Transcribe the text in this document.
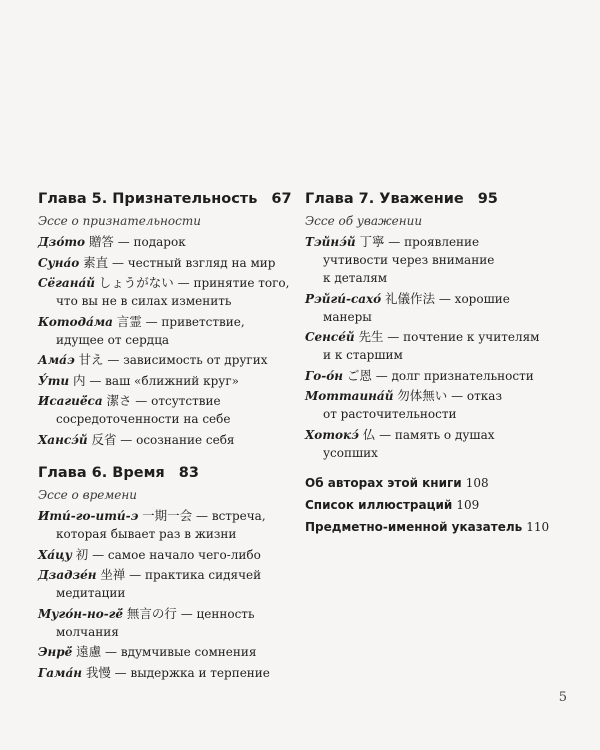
Глава 5. Признательность 67
Эссе о признательности
Дзо́то 贈答 — подарок
Суна́о 素直 — честный взгляд на мир
Сёгана́й しょうがない — принятие того,
что вы не в силах изменить
Котода́ма 言霊 — приветствие,
идущее от сердца
Ама́э 甘え — зависимость от других
У́ти 内 — ваш «ближний круг»
Исагиё́са 潔さ — отсутствие
сосредоточенности на себе
Хансэ́й 反省 — осознание себя
Глава 6. Время 83
Эссе о времени
Ити́-го-ити́-э 一期一会 — встреча,
которая бывает раз в жизни
Ха́цу 初 — самое начало чего-либо
Дзадзе́н 坐禅 — практика сидячей
медитации
Муго́н-но-гё́ 無言の行 — ценность
молчания
Энрё́ 遠慮 — вдумчивые сомнения
Гама́н 我慢 — выдержка и терпение
Глава 7. Уважение 95
Эссе об уважении
Тэйнэ́й 丁寧 — проявление
учтивости через внимание
к деталям
Рэйги́-сахо́ 礼儀作法 — хорошие
манеры
Сенсе́й 先生 — почтение к учителям
и к старшим
Го-о́н ご恩 — долг признательности
Моттаина́й 勿体無い — отказ
от расточительности
Хотокэ́ 仏 — память о душах
усопших
Об авторах этой книги 108
Список иллюстраций 109
Предметно-именной указатель 110
5
